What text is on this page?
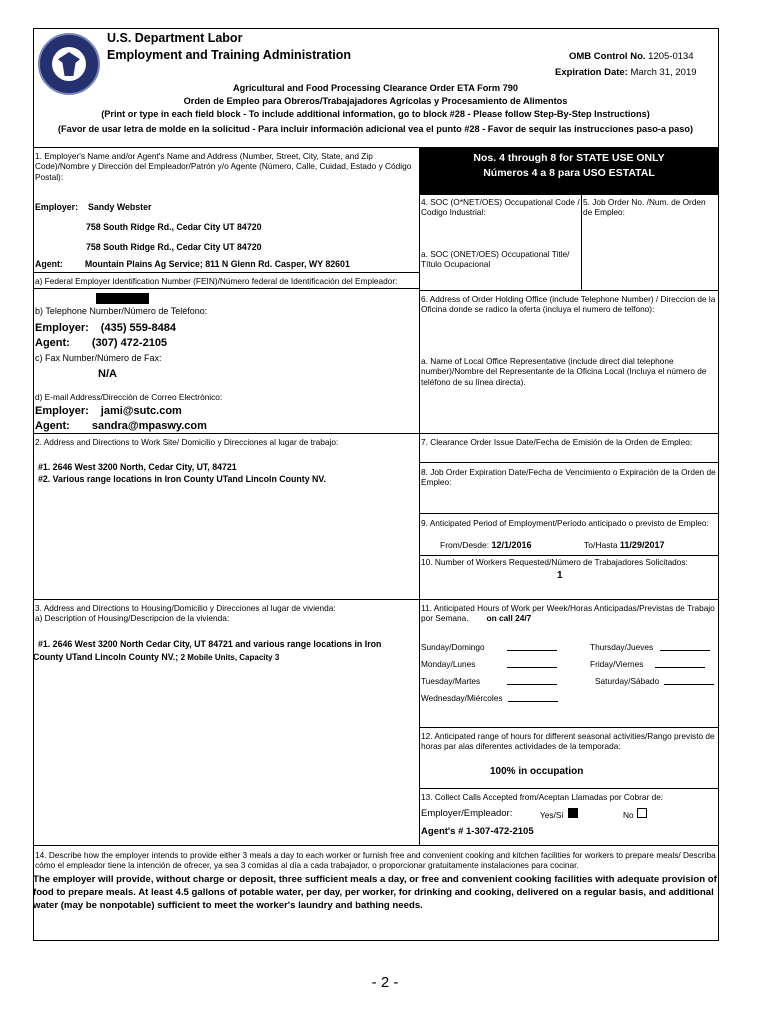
U.S. Department Labor
Employment and Training Administration	OMB Control No. 1205-0134
Expiration Date: March 31, 2019
Agricultural and Food Processing Clearance Order ETA Form 790
Orden de Empleo para Obreros/Trabajajadores Agrícolas y Procesamiento de Alimentos
(Print or type in each field block - To include additional information, go to block #28 - Please follow Step-By-Step Instructions)
(Favor de usar letra de molde en la solicitud - Para incluir información adicional vea el punto #28 - Favor de sequir las instrucciones paso-a paso)
1. Employer's Name and/or Agent's Name and Address (Number, Street, City, State, and Zip
Code)/Nombre y Dirección del Empleador/Patrón y/o Agente (Número, Calle, Cuidad, Estado y Código
Postal):
Employer: Sandy Webster
758 South Ridge Rd., Cedar City UT 84720
758 South Ridge Rd., Cedar City UT 84720
Agent:	Mountain Plains Ag Service; 811 N Glenn Rd. Casper, WY 82601
a) Federal Employer Identification Number (FEIN)/Número federal de Identificación del Empleador:
b) Telephone Number/Número de Teléfono:
Employer: (435) 559-8484
Agent: (307) 472-2105
c) Fax Number/Número de Fax:
N/A
d) E-mail Address/Dirección de Correo Electrónico:
Employer: jami@sutc.com
Agent: sandra@mpaswy.com
2. Address and Directions to Work Site/ Domicilio y Direcciones al lugar de trabajo:
#1. 2646 West 3200 North, Cedar City, UT, 84721
#2. Various range locations in Iron County UTand Lincoln County NV.
3. Address and Directions to Housing/Domicilio y Direcciones al lugar de vivienda:
a) Description of Housing/Descripcion de la vivienda:
#1. 2646 West 3200 North Cedar City, UT 84721 and various range locations in Iron
County UTand Lincoln County NV.; 2 Mobile Units, Capacity 3
Nos. 4 through 8 for STATE USE ONLY
Números 4 a 8 para USO ESTATAL
4. SOC (O*NET/OES) Occupational Code /
Codigo Industrial:
a. SOC (ONET/OES) Occupational Title/
Título Ocupacional
5. Job Order No. /Num. de Orden
de Empleo:
6. Address of Order Holding Office (include Telephone Number) / Direccion de la
Oficina donde se radico la oferta (incluya el numero de telfono):
a. Name of Local Office Representative (include direct dial telephone
number)/Nombre del Representante de la Oficina Local (Incluya el número de
teléfono de su línea directa).
7. Clearance Order Issue Date/Fecha de Emisión de la Orden de Empleo:
8. Job Order Expiration Date/Fecha de Vencimiento o Expiración de la Orden de
Empleo:
9. Anticipated Period of Employment/Período anticipado o previsto de Empleo:
From/Desde: 12/1/2016	To/Hasta 11/29/2017
10. Number of Workers Requested/Número de Trabajadores Solicitados:
1
11. Anticipated Hours of Work per Week/Horas Anticipadas/Previstas de Trabajo
por Semana. on call 24/7
Sunday/Domingo
Monday/Lunes
Tuesday/Martes
Wednesday/Miércoles
Thursday/Jueves
Friday/Viernes
Saturday/Sábado
12. Anticipated range of hours for different seasonal activities/Rango previsto de
horas par alas diferentes actividades de la temporada:
100% in occupation
13. Collect Calls Accepted from/Aceptan Llamadas por Cobrar de:
Employer/Empleador:	Yes/Sí	No
Agent's # 1-307-472-2105
14. Describe how the employer intends to provide either 3 meals a day to each worker or furnish free and convenient cooking and kitchen facilities for workers to prepare meals/ Describa
cómo el empleador tiene la intención de ofrecer, ya sea 3 comidas al día a cada trabajador, o proporcionar gratuitamente instalaciones para cocinar.
The employer will provide, without charge or deposit, three sufficient meals a day, or free and convenient cooking facilities with adequate provision of
food to prepare meals. At least 4.5 gallons of potable water, per day, per worker, for drinking and cooking, delivered on a regular basis, and additional
water (may be nonpotable) sufficient to meet the worker's laundry and bathing needs.
- 2 -
